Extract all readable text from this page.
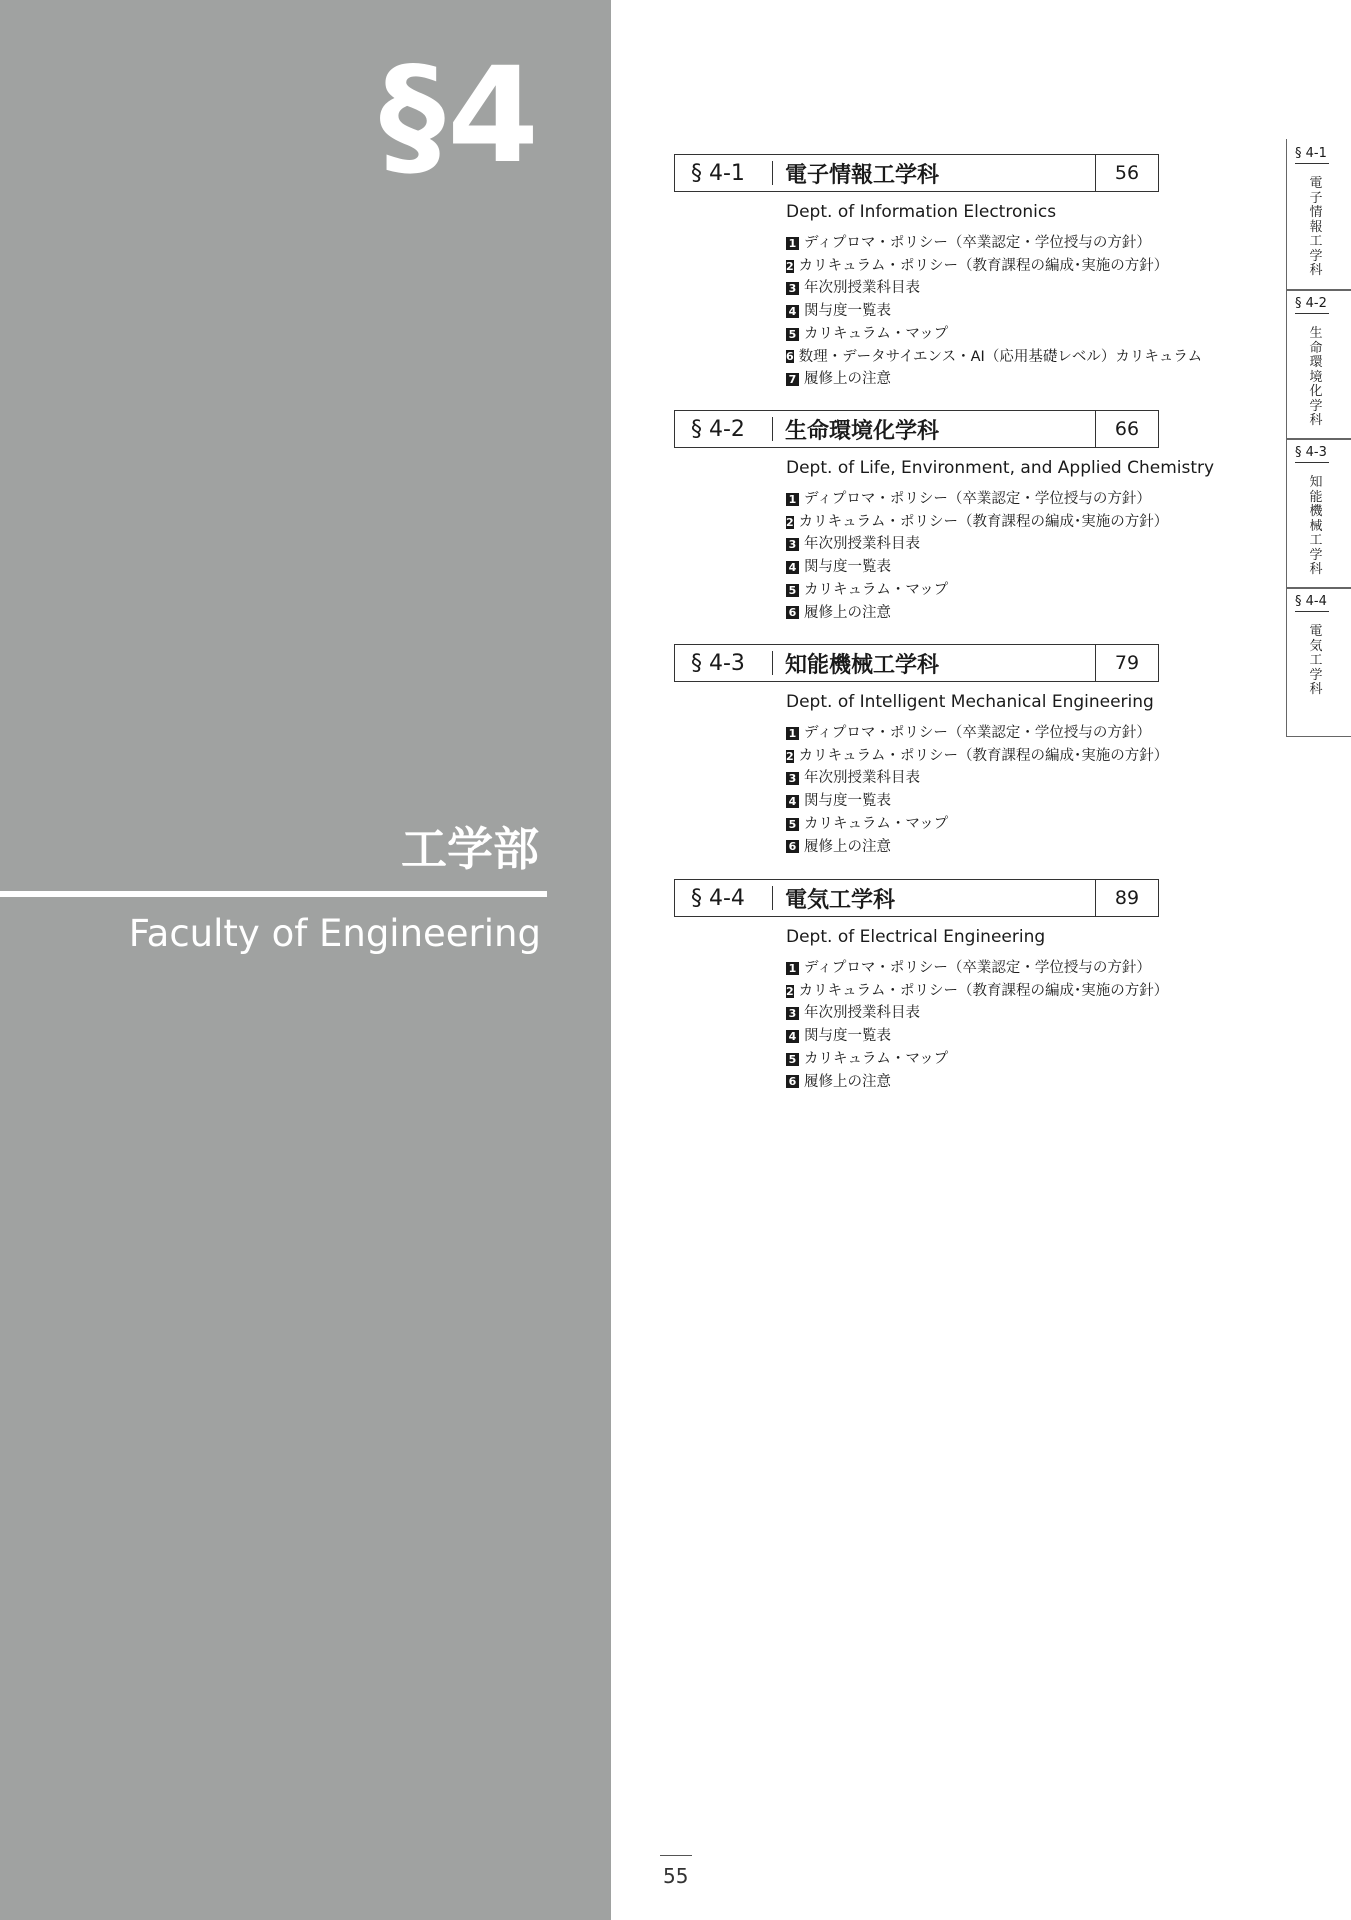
§4
工学部
Faculty of Engineering
§ 4-1	電子情報工学科	56
Dept. of Information Electronics
1 ディプロマ・ポリシー（卒業認定・学位授与の方針）
2 カリキュラム・ポリシー（教育課程の編成･実施の方針）
3 年次別授業科目表
4 関与度一覧表
5 カリキュラム・マップ
6 数理・データサイエンス・AI（応用基礎レベル）カリキュラム
7 履修上の注意
§ 4-2	生命環境化学科	66
Dept. of Life, Environment, and Applied Chemistry
1 ディプロマ・ポリシー（卒業認定・学位授与の方針）
2 カリキュラム・ポリシー（教育課程の編成･実施の方針）
3 年次別授業科目表
4 関与度一覧表
5 カリキュラム・マップ
6 履修上の注意
§ 4-3	知能機械工学科	79
Dept. of Intelligent Mechanical Engineering
1 ディプロマ・ポリシー（卒業認定・学位授与の方針）
2 カリキュラム・ポリシー（教育課程の編成･実施の方針）
3 年次別授業科目表
4 関与度一覧表
5 カリキュラム・マップ
6 履修上の注意
§ 4-4	電気工学科	89
Dept. of Electrical Engineering
1 ディプロマ・ポリシー（卒業認定・学位授与の方針）
2 カリキュラム・ポリシー（教育課程の編成･実施の方針）
3 年次別授業科目表
4 関与度一覧表
5 カリキュラム・マップ
6 履修上の注意
§ 4-1
電子情報工学科
§ 4-2
生命環境化学科
§ 4-3
知能機械工学科
§ 4-4
電気工学科
55
